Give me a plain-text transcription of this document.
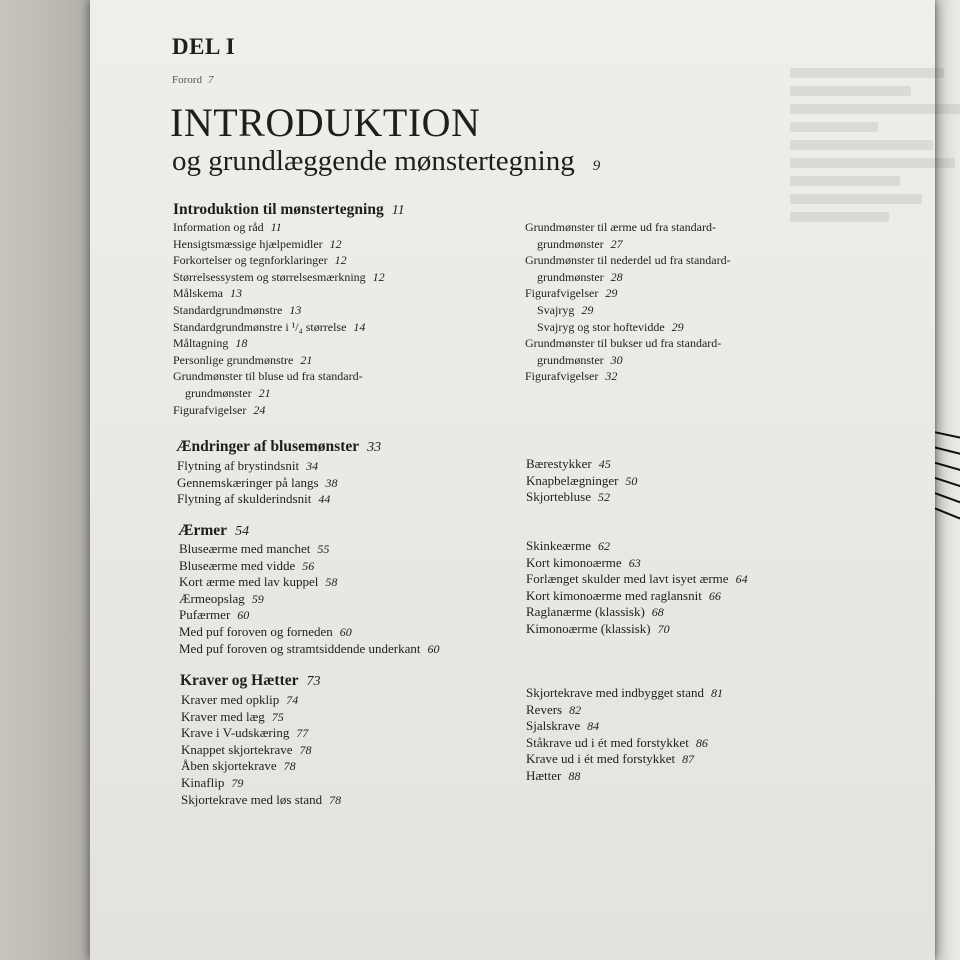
DEL I
Forord 7
INTRODUKTION
og grundlæggende mønstertegning 9
Introduktion til mønstertegning 11
Information og råd 11
Hensigtsmæssige hjælpemidler 12
Forkortelser og tegnforklaringer 12
Størrelsessystem og størrelsesmærkning 12
Målskema 13
Standardgrundmønstre 13
Standardgrundmønstre i ¹/₄ størrelse 14
Måltagning 18
Personlige grundmønstre 21
Grundmønster til bluse ud fra standard-
grundmønster 21
Figurafvigelser 24
Grundmønster til ærme ud fra standard-
grundmønster 27
Grundmønster til nederdel ud fra standard-
grundmønster 28
Figurafvigelser 29
Svajryg 29
Svajryg og stor hoftevidde 29
Grundmønster til bukser ud fra standard-
grundmønster 30
Figurafvigelser 32
Ændringer af blusemønster 33
Flytning af brystindsnit 34
Gennemskæringer på langs 38
Flytning af skulderindsnit 44
Bærestykker 45
Knapbelægninger 50
Skjortebluse 52
Ærmer 54
Bluseærme med manchet 55
Bluseærme med vidde 56
Kort ærme med lav kuppel 58
Ærmeopslag 59
Pufærmer 60
Med puf foroven og forneden 60
Med puf foroven og stramtsiddende underkant 60
Skinkeærme 62
Kort kimonoærme 63
Forlænget skulder med lavt isyet ærme 64
Kort kimonoærme med raglansnit 66
Raglanærme (klassisk) 68
Kimonoærme (klassisk) 70
Kraver og Hætter 73
Kraver med opklip 74
Kraver med læg 75
Krave i V-udskæring 77
Knappet skjortekrave 78
Åben skjortekrave 78
Kinaflip 79
Skjortekrave med løs stand 78
Skjortekrave med indbygget stand 81
Revers 82
Sjalskrave 84
Ståkrave ud i ét med forstykket 86
Krave ud i ét med forstykket 87
Hætter 88
